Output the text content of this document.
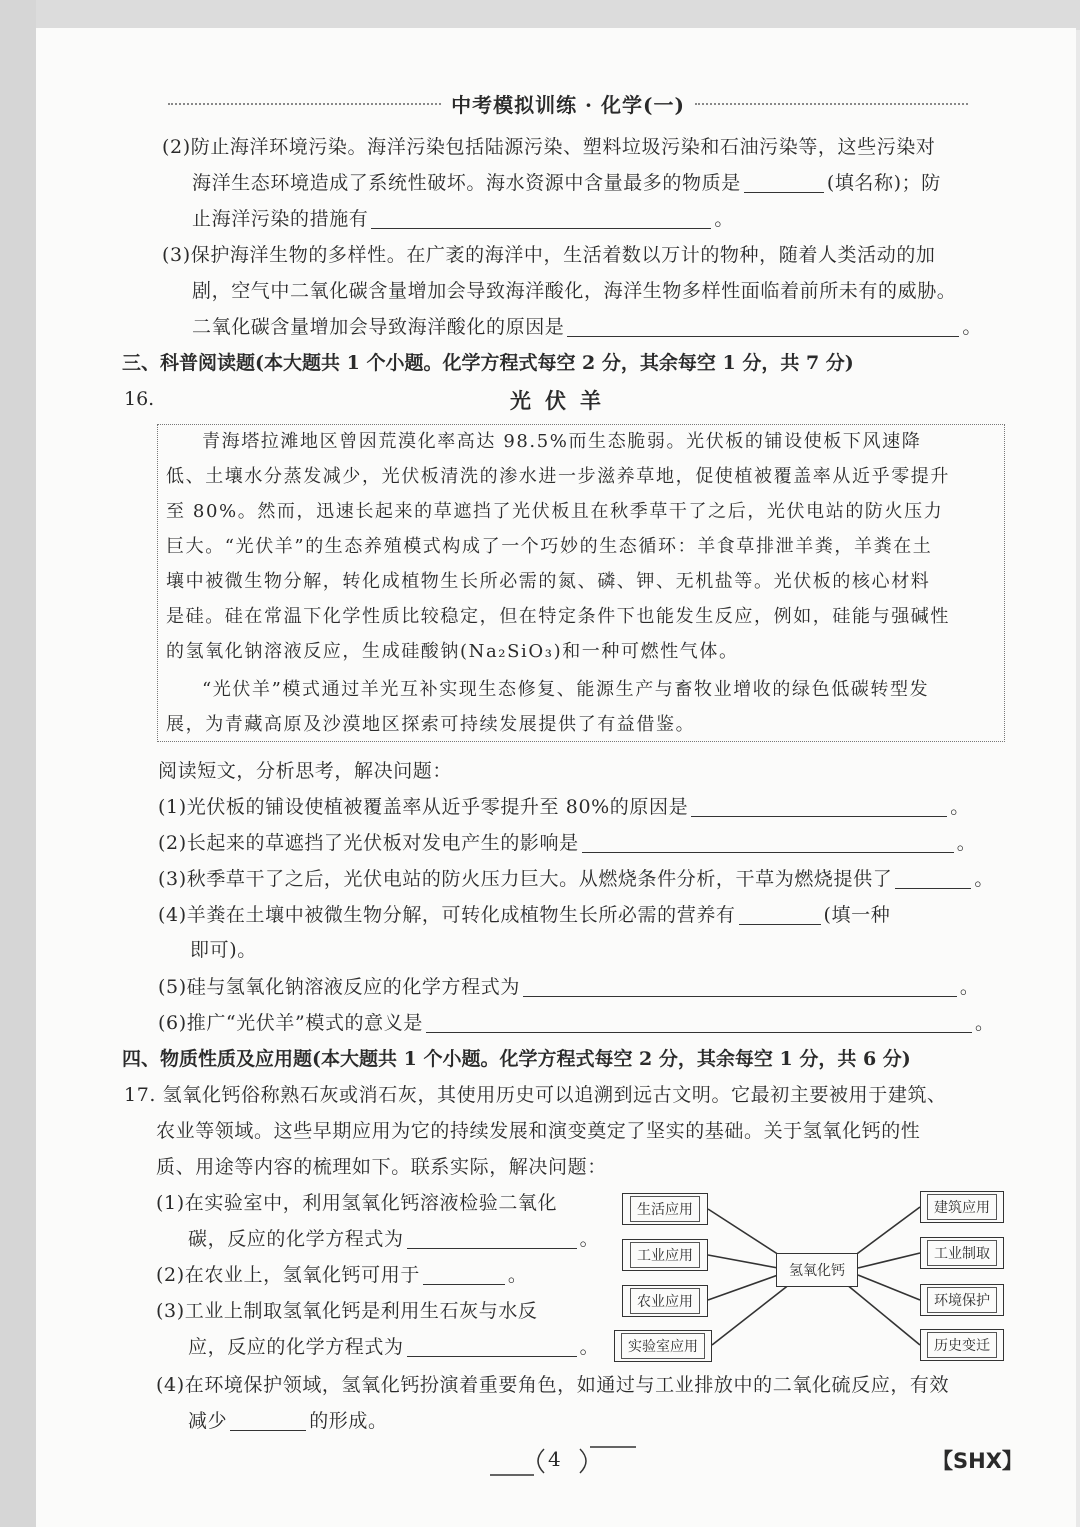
中考模拟训练 · 化学(一)
(2)防止海洋环境污染。海洋污染包括陆源污染、塑料垃圾污染和石油污染等，这些污染对
海洋生态环境造成了系统性破坏。海水资源中含量最多的物质是	(填名称)；防
止海洋污染的措施有	。
(3)保护海洋生物的多样性。在广袤的海洋中，生活着数以万计的物种，随着人类活动的加
剧，空气中二氧化碳含量增加会导致海洋酸化，海洋生物多样性面临着前所未有的威胁。
二氧化碳含量增加会导致海洋酸化的原因是	。
三、科普阅读题(本大题共 1 个小题。化学方程式每空 2 分，其余每空 1 分，共 7 分)
16.	光伏羊
青海塔拉滩地区曾因荒漠化率高达 98.5%而生态脆弱。光伏板的铺设使板下风速降
低、土壤水分蒸发减少，光伏板清洗的渗水进一步滋养草地，促使植被覆盖率从近乎零提升
至 80%。然而，迅速长起来的草遮挡了光伏板且在秋季草干了之后，光伏电站的防火压力
巨大。“光伏羊”的生态养殖模式构成了一个巧妙的生态循环：羊食草排泄羊粪，羊粪在土
壤中被微生物分解，转化成植物生长所必需的氮、磷、钾、无机盐等。光伏板的核心材料
是硅。硅在常温下化学性质比较稳定，但在特定条件下也能发生反应，例如，硅能与强碱性
的氢氧化钠溶液反应，生成硅酸钠(Na₂SiO₃)和一种可燃性气体。
“光伏羊”模式通过羊光互补实现生态修复、能源生产与畜牧业增收的绿色低碳转型发
展，为青藏高原及沙漠地区探索可持续发展提供了有益借鉴。
阅读短文，分析思考，解决问题：
(1)光伏板的铺设使植被覆盖率从近乎零提升至 80%的原因是	。
(2)长起来的草遮挡了光伏板对发电产生的影响是	。
(3)秋季草干了之后，光伏电站的防火压力巨大。从燃烧条件分析，干草为燃烧提供了	。
(4)羊粪在土壤中被微生物分解，可转化成植物生长所必需的营养有	(填一种
即可)。
(5)硅与氢氧化钠溶液反应的化学方程式为	。
(6)推广“光伏羊”模式的意义是	。
四、物质性质及应用题(本大题共 1 个小题。化学方程式每空 2 分，其余每空 1 分，共 6 分)
17. 氢氧化钙俗称熟石灰或消石灰，其使用历史可以追溯到远古文明。它最初主要被用于建筑、
农业等领域。这些早期应用为它的持续发展和演变奠定了坚实的基础。关于氢氧化钙的性
质、用途等内容的梳理如下。联系实际，解决问题：
(1)在实验室中，利用氢氧化钙溶液检验二氧化
碳，反应的化学方程式为	。
(2)在农业上，氢氧化钙可用于	。
(3)工业上制取氢氧化钙是利用生石灰与水反
应，反应的化学方程式为	。
(4)在环境保护领域，氢氧化钙扮演着重要角色，如通过与工业排放中的二氧化硫反应，有效
减少	的形成。
生活应用
工业应用
农业应用
实验室应用
氢氧化钙
建筑应用
工业制取
环境保护
历史变迁
4	【SHX】
